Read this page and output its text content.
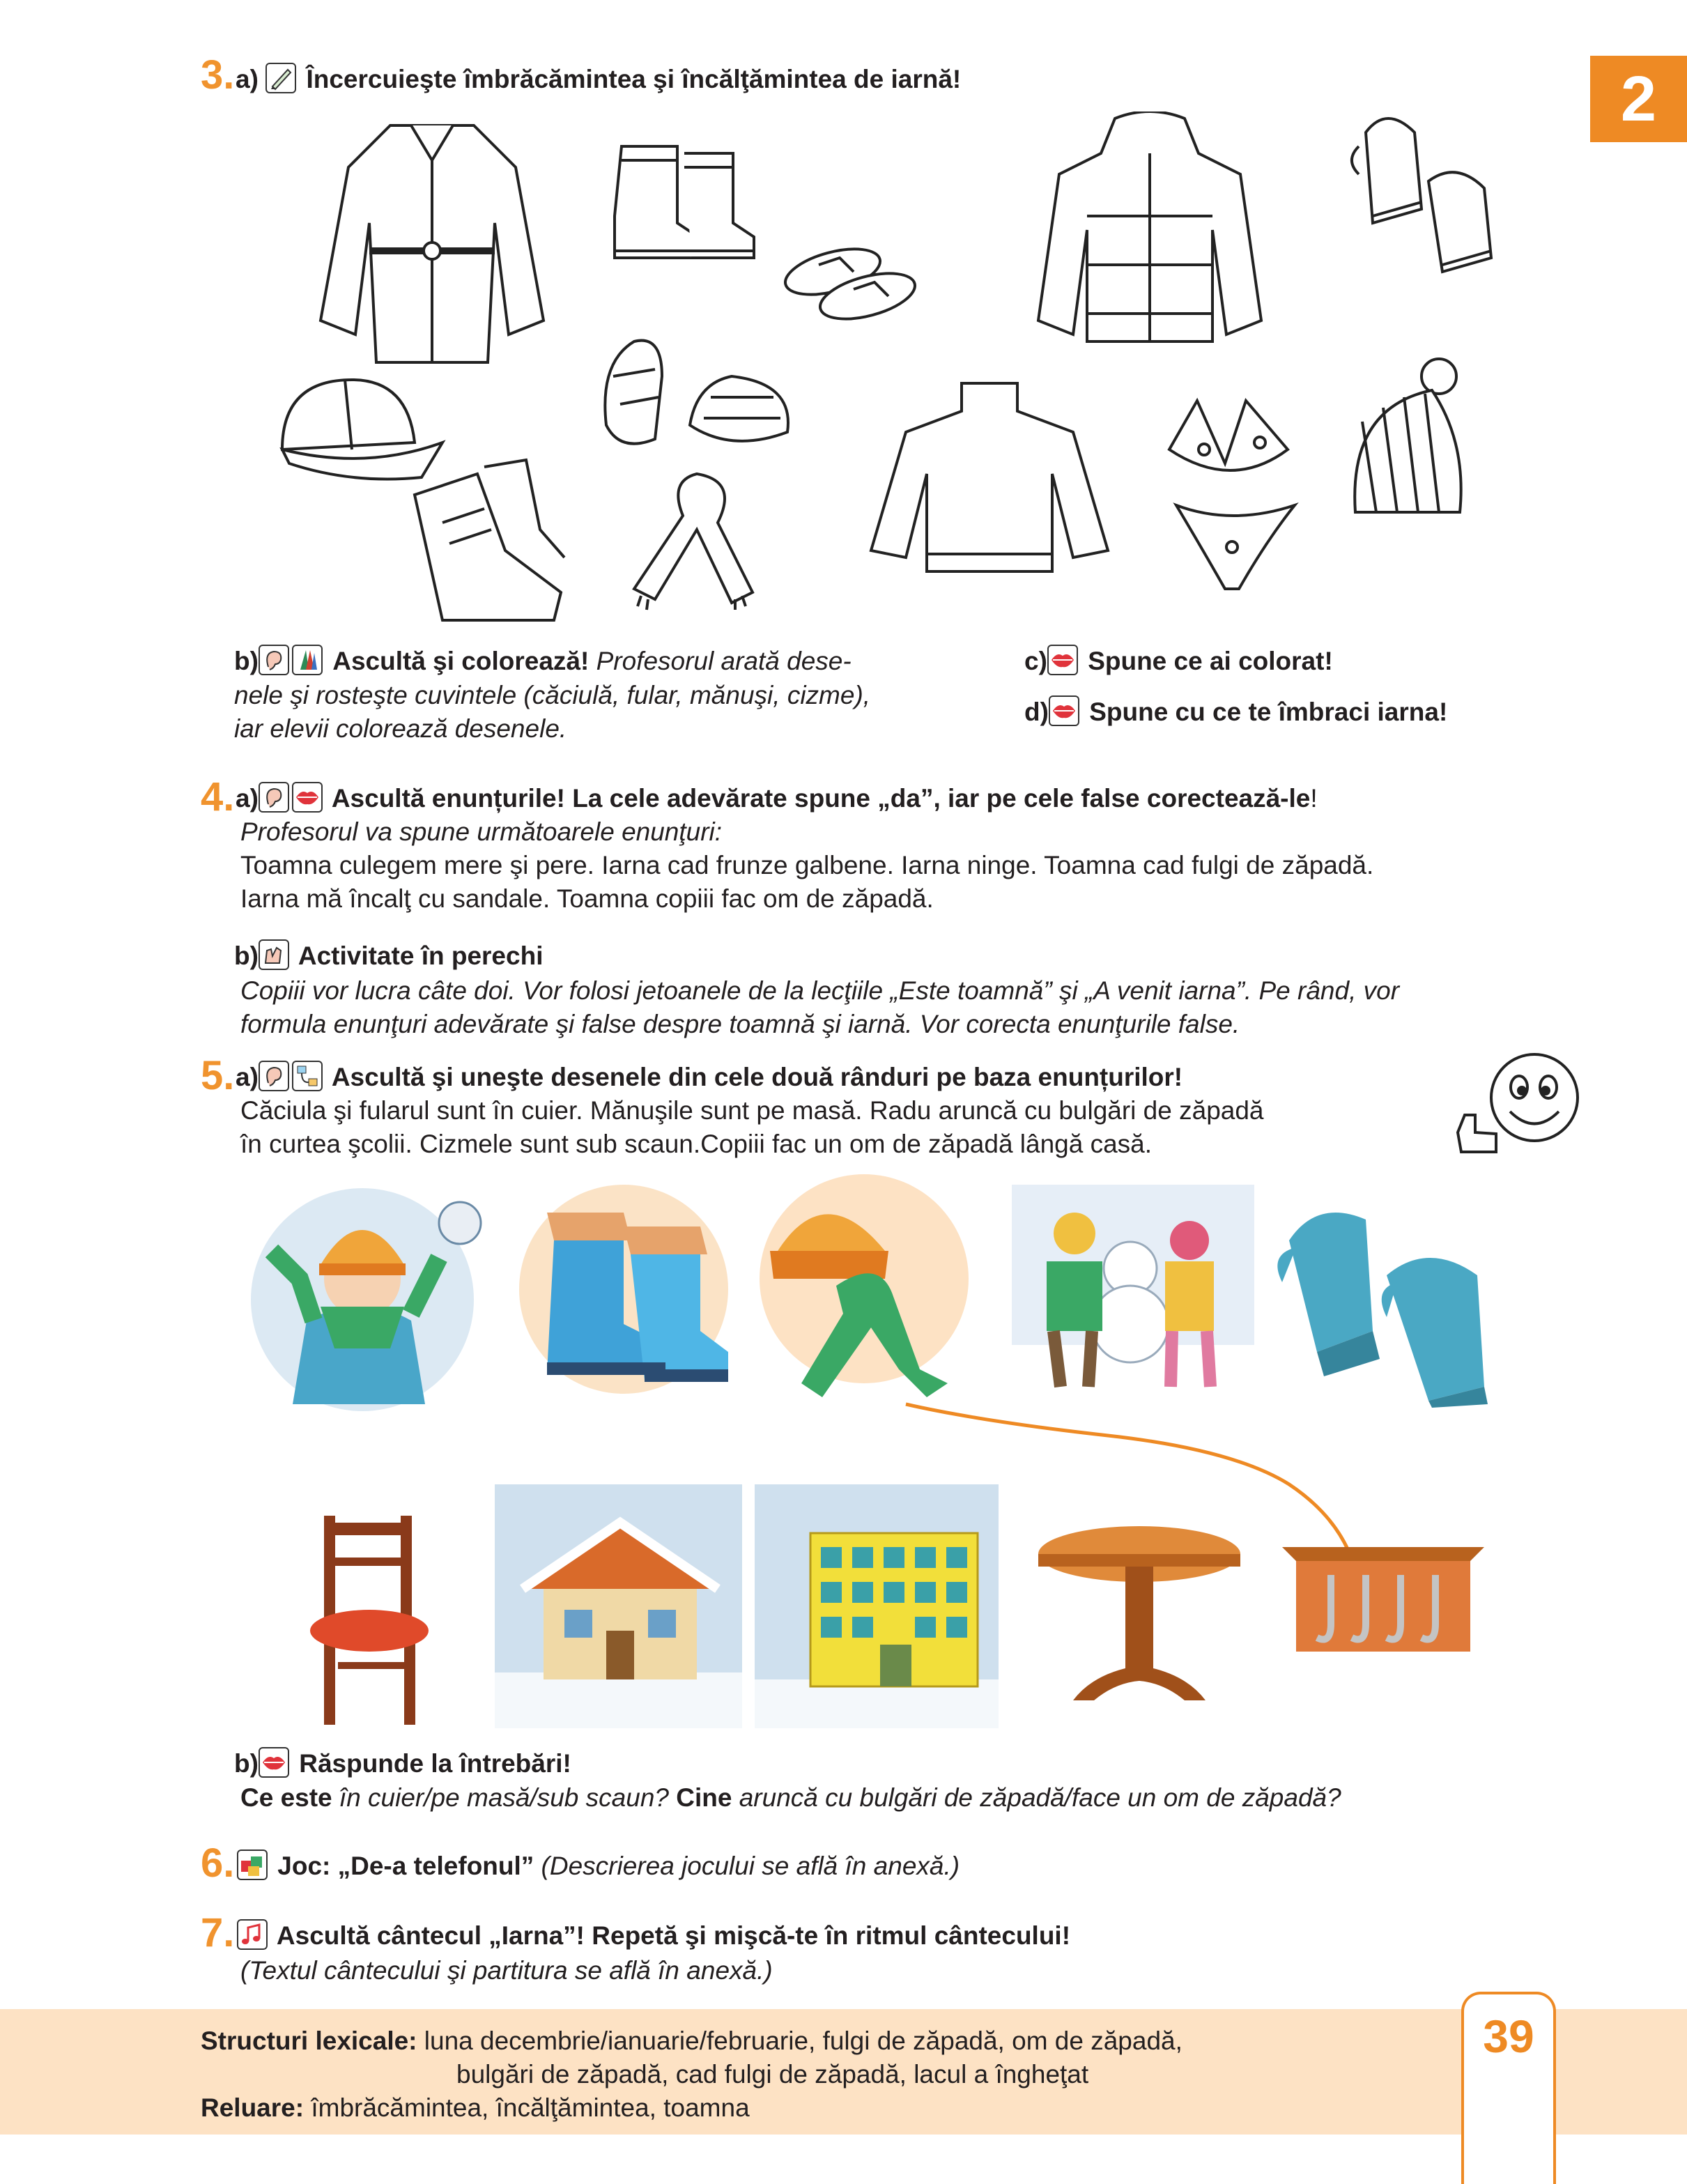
2
3. a) Încercuieşte îmbrăcămintea şi încălţămintea de iarnă!
b)	Ascultă şi colorează! Profesorul arată dese-
nele şi rosteşte cuvintele (căciulă, fular, mănuşi, cizme),
iar elevii colorează desenele.
c) Spune ce ai colorat!
d) Spune cu ce te îmbraci iarna!
4. a)	Ascultă enunțurile! La cele adevărate spune „da”, iar pe cele false corectează-le!
Profesorul va spune următoarele enunţuri:
Toamna culegem mere şi pere. Iarna cad frunze galbene. Iarna ninge. Toamna cad fulgi de zăpadă.
Iarna mă încalţ cu sandale. Toamna copiii fac om de zăpadă.
b) Activitate în perechi
Copiii vor lucra câte doi. Vor folosi jetoanele de la lecţiile „Este toamnă” şi „A venit iarna”. Pe rând, vor
formula enunţuri adevărate şi false despre toamnă şi iarnă. Vor corecta enunţurile false.
5. a)	Ascultă şi uneşte desenele din cele două rânduri pe baza enunțurilor!
Căciula şi fularul sunt în cuier. Mănuşile sunt pe masă. Radu aruncă cu bulgări de zăpadă
în curtea şcolii. Cizmele sunt sub scaun.Copiii fac un om de zăpadă lângă casă.
b) Răspunde la întrebări!
Ce este în cuier/pe masă/sub scaun? Cine aruncă cu bulgări de zăpadă/face un om de zăpadă?
6.	Joc: „De-a telefonul” (Descrierea jocului se află în anexă.)
7.	Ascultă cântecul „Iarna”! Repetă şi mişcă-te în ritmul cântecului!
(Textul cântecului şi partitura se află în anexă.)
Structuri lexicale: luna decembrie/ianuarie/februarie, fulgi de zăpadă, om de zăpadă,
bulgări de zăpadă, cad fulgi de zăpadă, lacul a îngheţat
Reluare: îmbrăcămintea, încălţămintea, toamna
39
